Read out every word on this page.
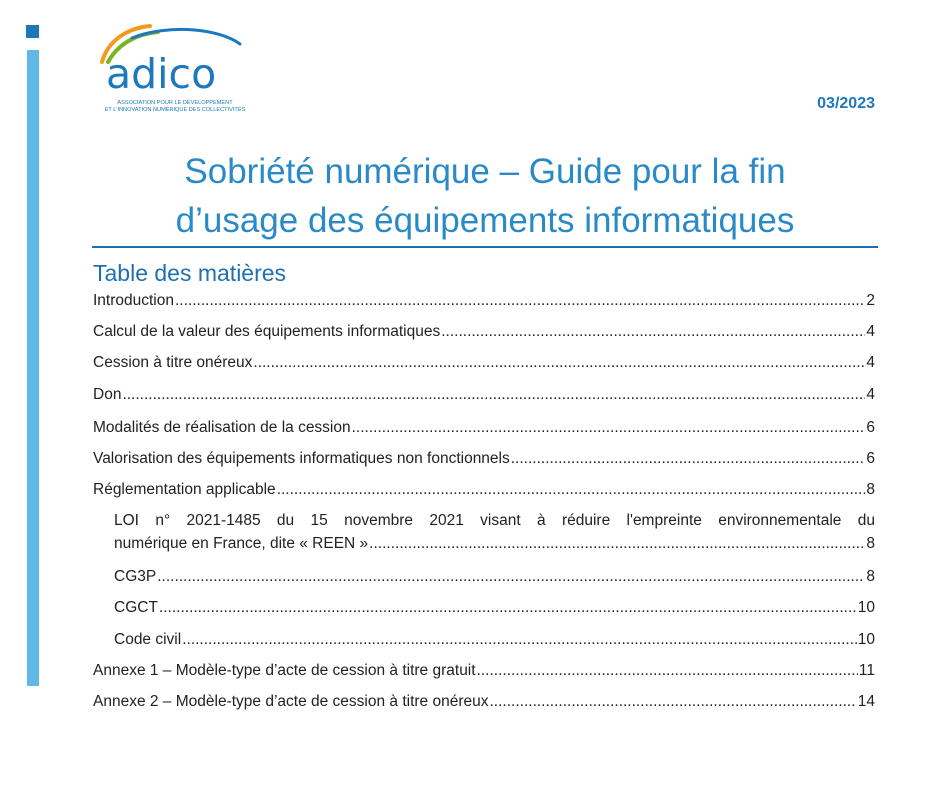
adico
ASSOCIATION POUR LE DÉVELOPPEMENT
ET L'INNOVATION NUMÉRIQUE DES COLLECTIVITÉS	03/2023
Sobriété numérique – Guide pour la fin
d’usage des équipements informatiques
Table des matières
Introduction .....	2
Calcul de la valeur des équipements informatiques .....	4
Cession à titre onéreux .....	4
Don .....	4
Modalités de réalisation de la cession .....	6
Valorisation des équipements informatiques non fonctionnels .....	6
Réglementation applicable .....	8
LOI n° 2021-1485 du 15 novembre 2021 visant à réduire l'empreinte environnementale du
numérique en France, dite « REEN » .....	8
CG3P .....	8
CGCT .....	10
Code civil .....	10
Annexe 1 – Modèle-type d’acte de cession à titre gratuit .....	11
Annexe 2 – Modèle-type d’acte de cession à titre onéreux .....	14
